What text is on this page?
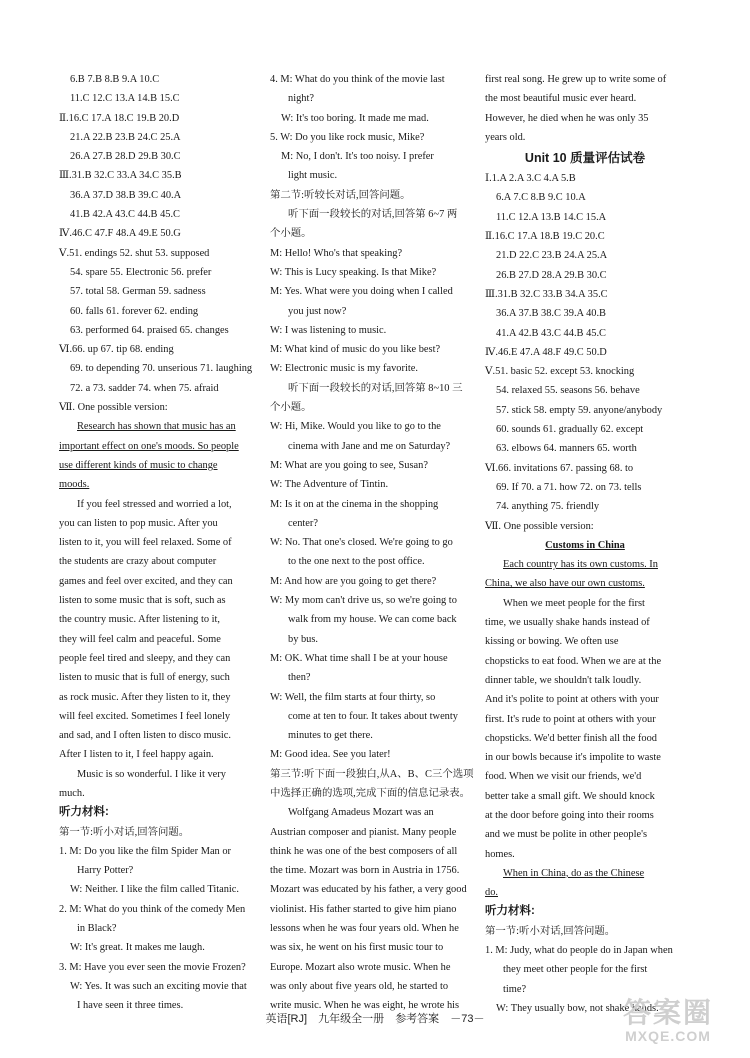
6.B 7.B 8.B 9.A 10.C
11.C 12.C 13.A 14.B 15.C
Ⅱ.16.C 17.A 18.C 19.B 20.D
21.A 22.B 23.B 24.C 25.A
26.A 27.B 28.D 29.B 30.C
Ⅲ.31.B 32.C 33.A 34.C 35.B
36.A 37.D 38.B 39.C 40.A
41.B 42.A 43.C 44.B 45.C
Ⅳ.46.C 47.F 48.A 49.E 50.G
Ⅴ.51. endings 52. shut 53. supposed
54. spare 55. Electronic 56. prefer
57. total 58. German 59. sadness
60. falls 61. forever 62. ending
63. performed 64. praised 65. changes
Ⅵ.66. up 67. tip 68. ending
69. to depending 70. unserious 71. laughing
72. a 73. sadder 74. when 75. afraid
Ⅶ. One possible version:
Research has shown that music has an
important effect on one's moods. So people
use different kinds of music to change
moods.
If you feel stressed and worried a lot,
you can listen to pop music. After you
listen to it, you will feel relaxed. Some of
the students are crazy about computer
games and feel over excited, and they can
listen to some music that is soft, such as
the country music. After listening to it,
they will feel calm and peaceful. Some
people feel tired and sleepy, and they can
listen to music that is full of energy, such
as rock music. After they listen to it, they
will feel excited. Sometimes I feel lonely
and sad, and I often listen to disco music.
After I listen to it, I feel happy again.
Music is so wonderful. I like it very
much.
听力材料:
第一节:听小对话,回答问题。
1. M: Do you like the film Spider Man or
Harry Potter?
W: Neither. I like the film called Titanic.
2. M: What do you think of the comedy Men
in Black?
W: It's great. It makes me laugh.
3. M: Have you ever seen the movie Frozen?
W: Yes. It was such an exciting movie that
I have seen it three times.
4. M: What do you think of the movie last
night?
W: It's too boring. It made me mad.
5. W: Do you like rock music, Mike?
M: No, I don't. It's too noisy. I prefer
light music.
第二节:听较长对话,回答问题。
听下面一段较长的对话,回答第 6~7 两
个小题。
M: Hello! Who's that speaking?
W: This is Lucy speaking. Is that Mike?
M: Yes. What were you doing when I called
you just now?
W: I was listening to music.
M: What kind of music do you like best?
W: Electronic music is my favorite.
听下面一段较长的对话,回答第 8~10 三
个小题。
W: Hi, Mike. Would you like to go to the
cinema with Jane and me on Saturday?
M: What are you going to see, Susan?
W: The Adventure of Tintin.
M: Is it on at the cinema in the shopping
center?
W: No. That one's closed. We're going to go
to the one next to the post office.
M: And how are you going to get there?
W: My mom can't drive us, so we're going to
walk from my house. We can come back
by bus.
M: OK. What time shall I be at your house
then?
W: Well, the film starts at four thirty, so
come at ten to four. It takes about twenty
minutes to get there.
M: Good idea. See you later!
第三节:听下面一段独白,从A、B、C三个选项
中选择正确的选项,完成下面的信息记录表。
Wolfgang Amadeus Mozart was an
Austrian composer and pianist. Many people
think he was one of the best composers of all
the time. Mozart was born in Austria in 1756.
Mozart was educated by his father, a very good
violinist. His father started to give him piano
lessons when he was four years old. When he
was six, he went on his first music tour to
Europe. Mozart also wrote music. When he
was only about five years old, he started to
write music. When he was eight, he wrote his
first real song. He grew up to write some of
the most beautiful music ever heard.
However, he died when he was only 35
years old.
Unit 10 质量评估试卷
Ⅰ.1.A 2.A 3.C 4.A 5.B
6.A 7.C 8.B 9.C 10.A
11.C 12.A 13.B 14.C 15.A
Ⅱ.16.C 17.A 18.B 19.C 20.C
21.D 22.C 23.B 24.A 25.A
26.B 27.D 28.A 29.B 30.C
Ⅲ.31.B 32.C 33.B 34.A 35.C
36.A 37.B 38.C 39.A 40.B
41.A 42.B 43.C 44.B 45.C
Ⅳ.46.E 47.A 48.F 49.C 50.D
Ⅴ.51. basic 52. except 53. knocking
54. relaxed 55. seasons 56. behave
57. stick 58. empty 59. anyone/anybody
60. sounds 61. gradually 62. except
63. elbows 64. manners 65. worth
Ⅵ.66. invitations 67. passing 68. to
69. If 70. a 71. how 72. on 73. tells
74. anything 75. friendly
Ⅶ. One possible version:
Customs in China
Each country has its own customs. In
China, we also have our own customs.
When we meet people for the first
time, we usually shake hands instead of
kissing or bowing. We often use
chopsticks to eat food. When we are at the
dinner table, we shouldn't talk loudly.
And it's polite to point at others with your
first. It's rude to point at others with your
chopsticks. We'd better finish all the food
in our bowls because it's impolite to waste
food. When we visit our friends, we'd
better take a small gift. We should knock
at the door before going into their rooms
and we must be polite in other people's
homes.
When in China, do as the Chinese
do.
听力材料:
第一节:听小对话,回答问题。
1. M: Judy, what do people do in Japan when
they meet other people for the first
time?
W: They usually bow, not shake hands.
英语[RJ] 九年级全一册 参考答案 －73－	答案圈
MXQE.COM
